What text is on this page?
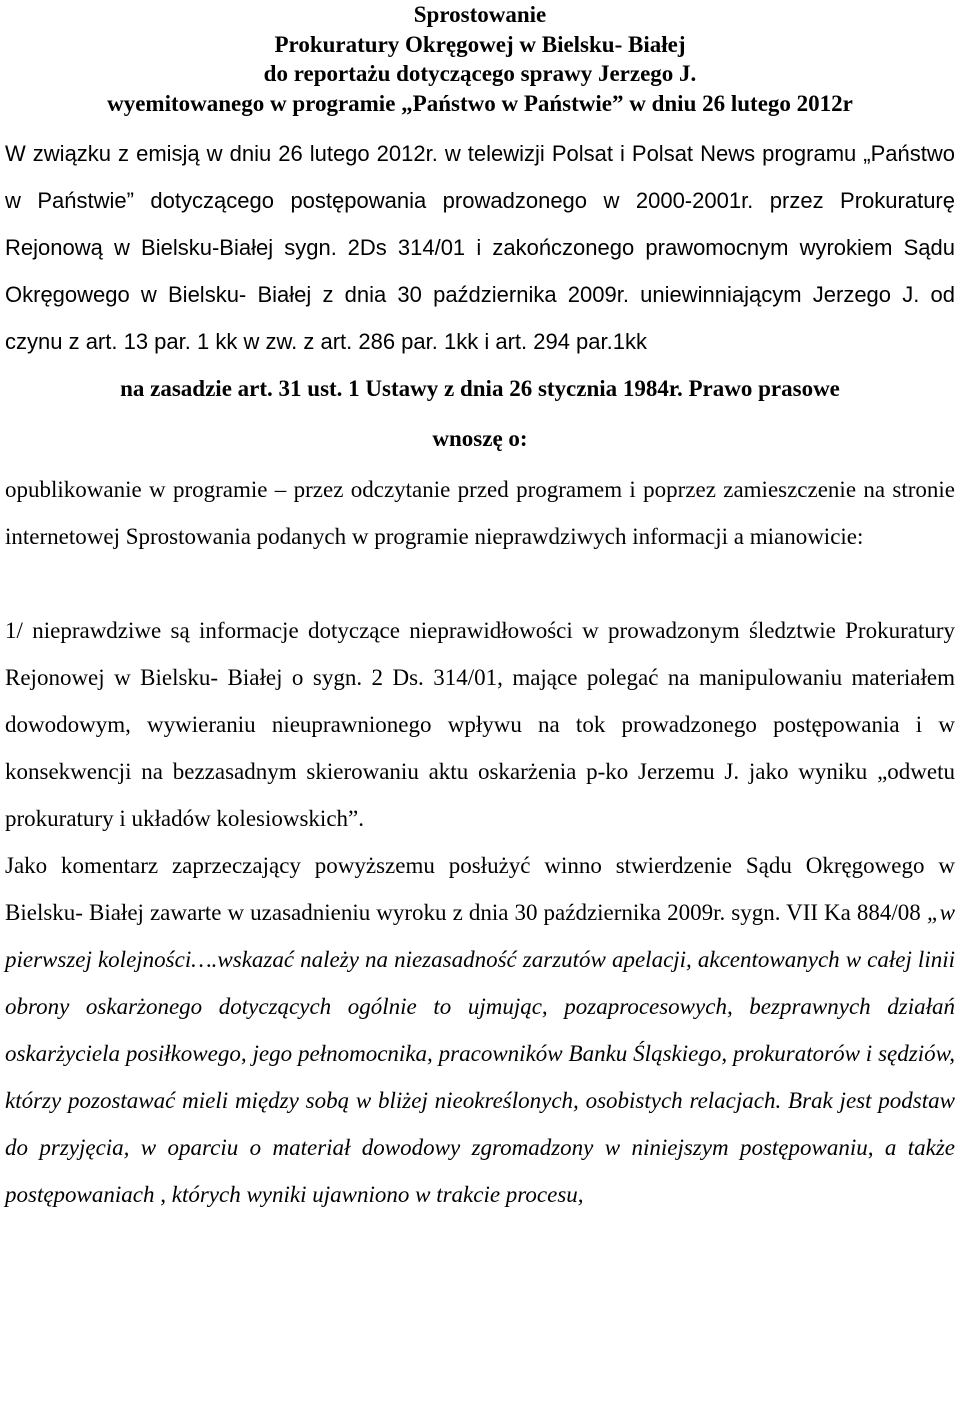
Sprostowanie
Prokuratury Okręgowej w Bielsku- Białej
do reportażu dotyczącego sprawy Jerzego J.
wyemitowanego w programie „Państwo w Państwie” w dniu 26 lutego 2012r

W związku z emisją w dniu 26 lutego 2012r. w telewizji Polsat i Polsat News programu „Państwo w Państwie” dotyczącego postępowania prowadzonego w 2000-2001r. przez Prokuraturę Rejonową w Bielsku-Białej sygn. 2Ds 314/01 i zakończonego prawomocnym wyrokiem Sądu Okręgowego w Bielsku- Białej z dnia 30 października 2009r. uniewinniającym Jerzego J. od czynu z art. 13 par. 1 kk w zw. z art. 286 par. 1kk i art. 294 par.1kk

na zasadzie art. 31 ust. 1 Ustawy z dnia 26 stycznia 1984r. Prawo prasowe

wnoszę o:

opublikowanie w programie – przez odczytanie przed programem i poprzez zamieszczenie na stronie internetowej Sprostowania podanych w programie nieprawdziwych informacji a mianowicie:

1/ nieprawdziwe są informacje dotyczące nieprawidłowości w prowadzonym śledztwie Prokuratury Rejonowej w Bielsku- Białej o sygn. 2 Ds. 314/01, mające polegać na manipulowaniu materiałem dowodowym, wywieraniu nieuprawnionego wpływu na tok prowadzonego postępowania i w konsekwencji na bezzasadnym skierowaniu aktu oskarżenia p-ko Jerzemu J. jako wyniku „odwetu prokuratury i układów kolesiowskich”.

Jako komentarz zaprzeczający powyższemu posłużyć winno stwierdzenie Sądu Okręgowego w Bielsku- Białej zawarte w uzasadnieniu wyroku z dnia 30 października 2009r. sygn. VII Ka 884/08 „w pierwszej kolejności….wskazać należy na niezasadność zarzutów apelacji, akcentowanych w całej linii obrony oskarżonego dotyczących ogólnie to ujmując, pozaprocesowych, bezprawnych działań oskarżyciela posiłkowego, jego pełnomocnika, pracowników Banku Śląskiego, prokuratorów i sędziów, którzy pozostawać mieli między sobą w bliżej nieokreślonych, osobistych relacjach. Brak jest podstaw do przyjęcia, w oparciu o materiał dowodowy zgromadzony w niniejszym postępowaniu, a także postępowaniach , których wyniki ujawniono w trakcie procesu,
